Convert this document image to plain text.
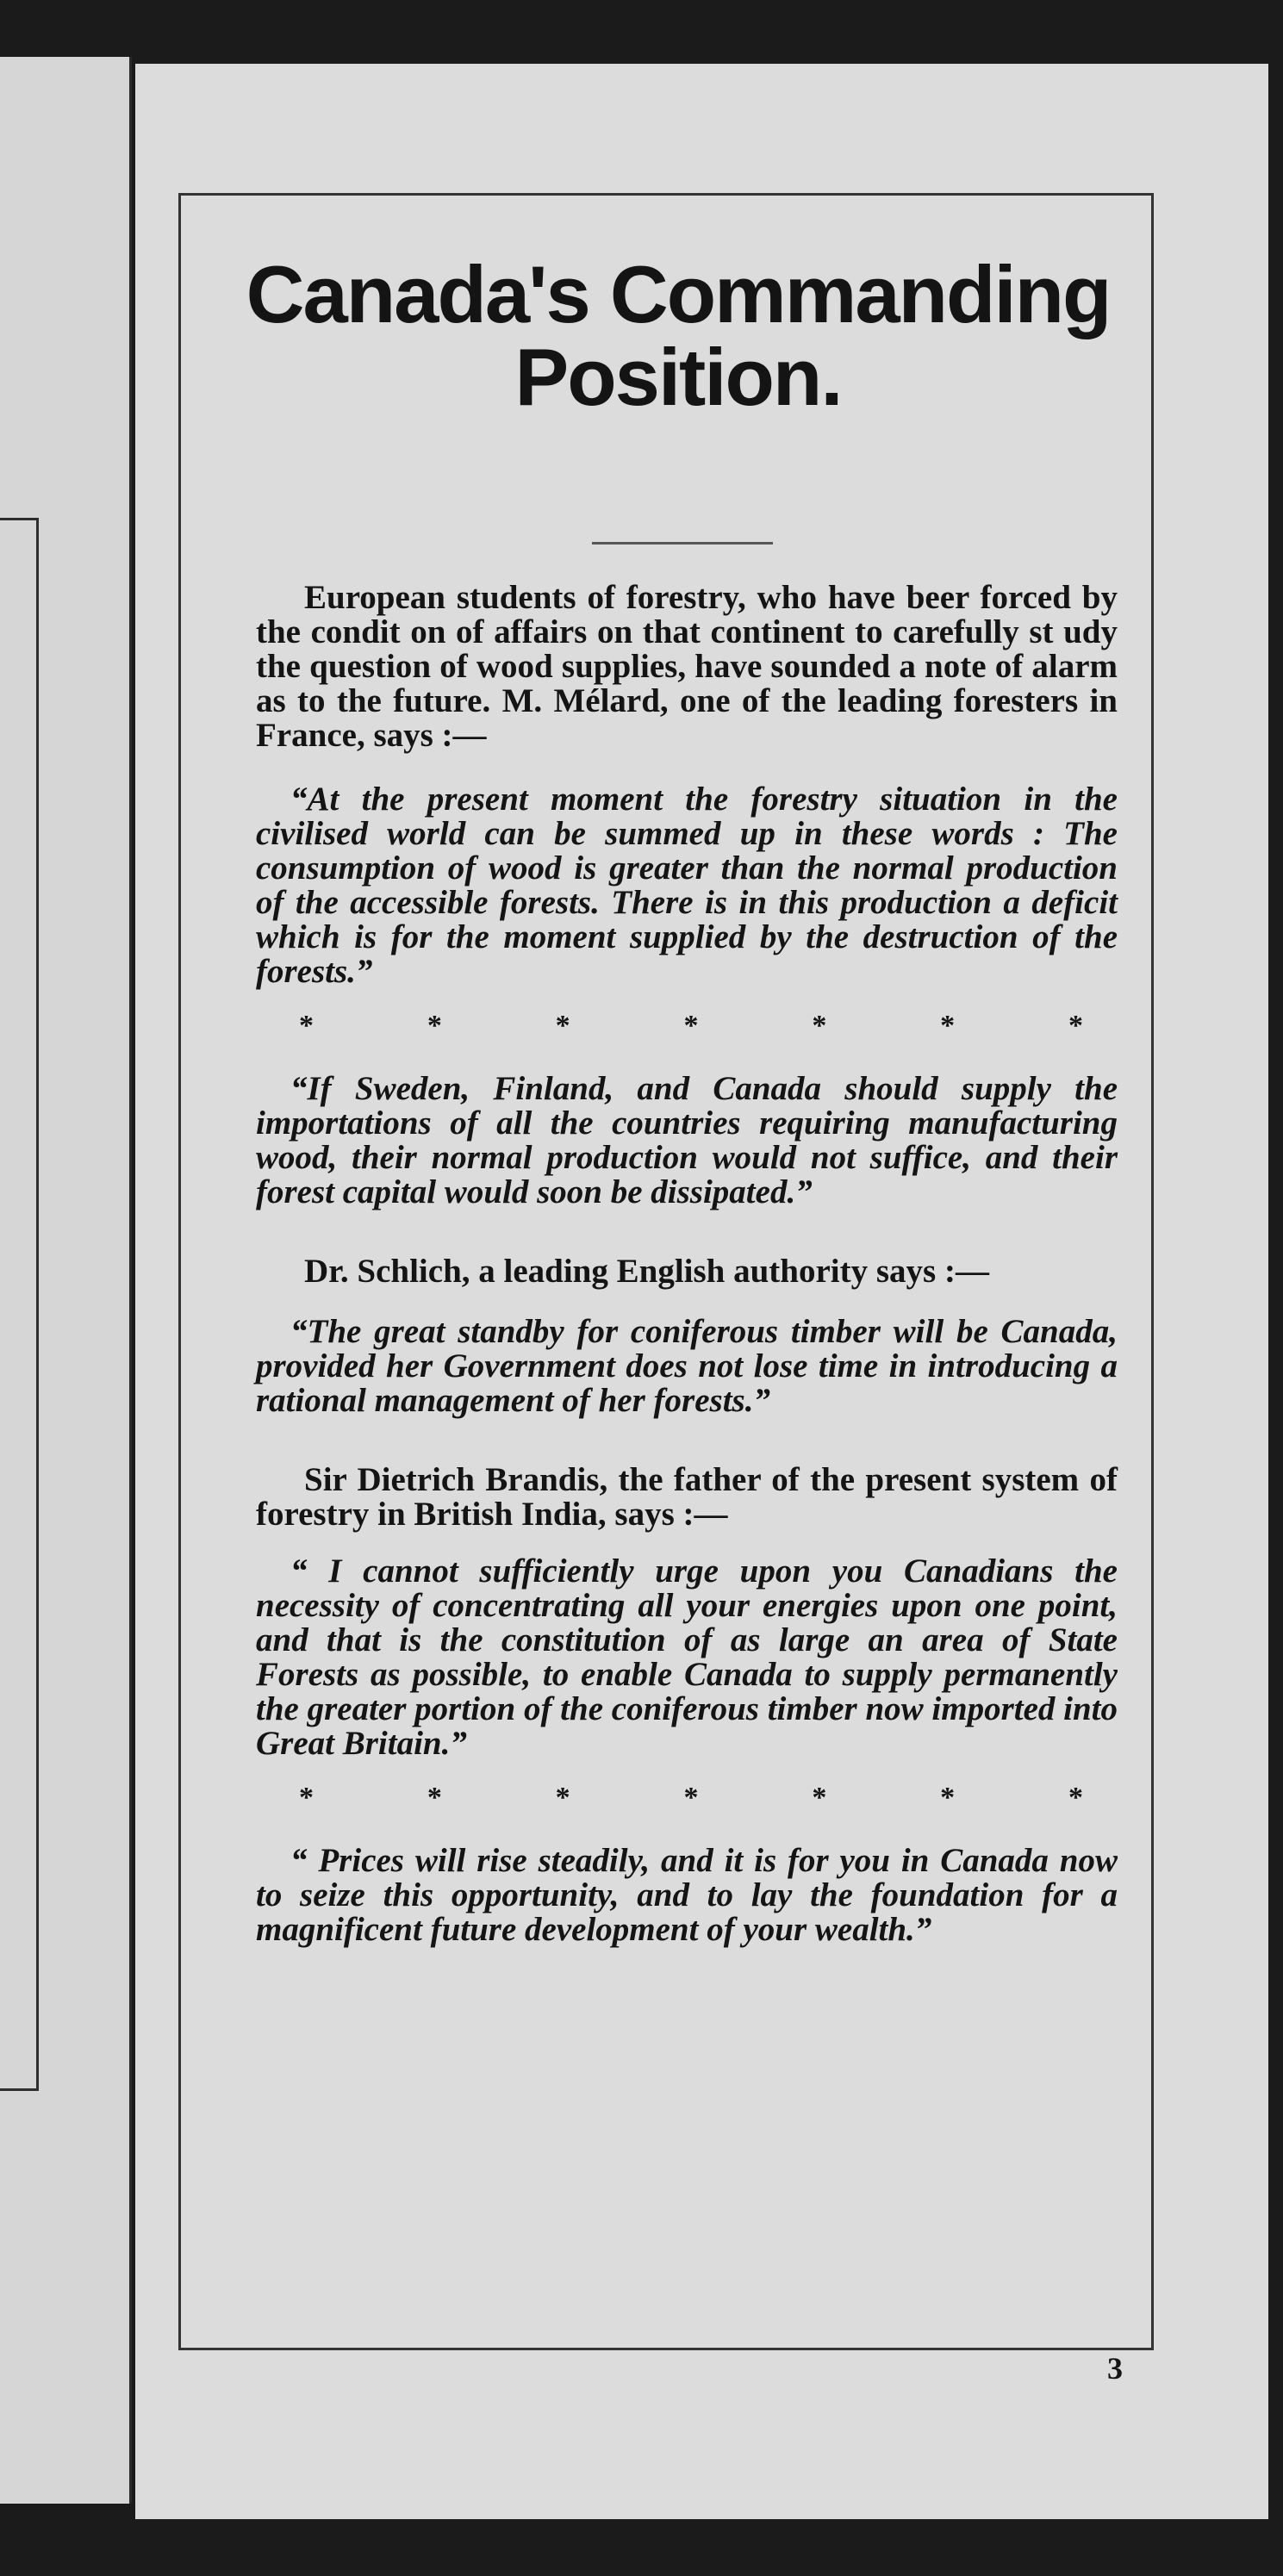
Canada's Commanding Position.

European students of forestry, who have beer forced by the condit on of affairs on that continent to carefully st udy the question of wood supplies, have sounded a note of alarm as to the future. M. Mélard, one of the leading foresters in France, says :—

“At the present moment the forestry situation in the civilised world can be summed up in these words : The consumption of wood is greater than the normal production of the accessible forests. There is in this production a deficit which is for the moment supplied by the destruction of the forests.”

*	*	*	*	*	*	*

“If Sweden, Finland, and Canada should supply the importations of all the countries requiring manufacturing wood, their normal production would not suffice, and their forest capital would soon be dissipated.”

Dr. Schlich, a leading English authority says :—

“The great standby for coniferous timber will be Canada, provided her Government does not lose time in introducing a rational management of her forests.”

Sir Dietrich Brandis, the father of the present system of forestry in British India, says :—

“ I cannot sufficiently urge upon you Canadians the necessity of concentrating all your energies upon one point, and that is the constitution of as large an area of State Forests as possible, to enable Canada to supply permanently the greater portion of the coniferous timber now imported into Great Britain.”

*	*	*	*	*	*	*

“ Prices will rise steadily, and it is for you in Canada now to seize this opportunity, and to lay the foundation for a magnificent future development of your wealth.”

3
